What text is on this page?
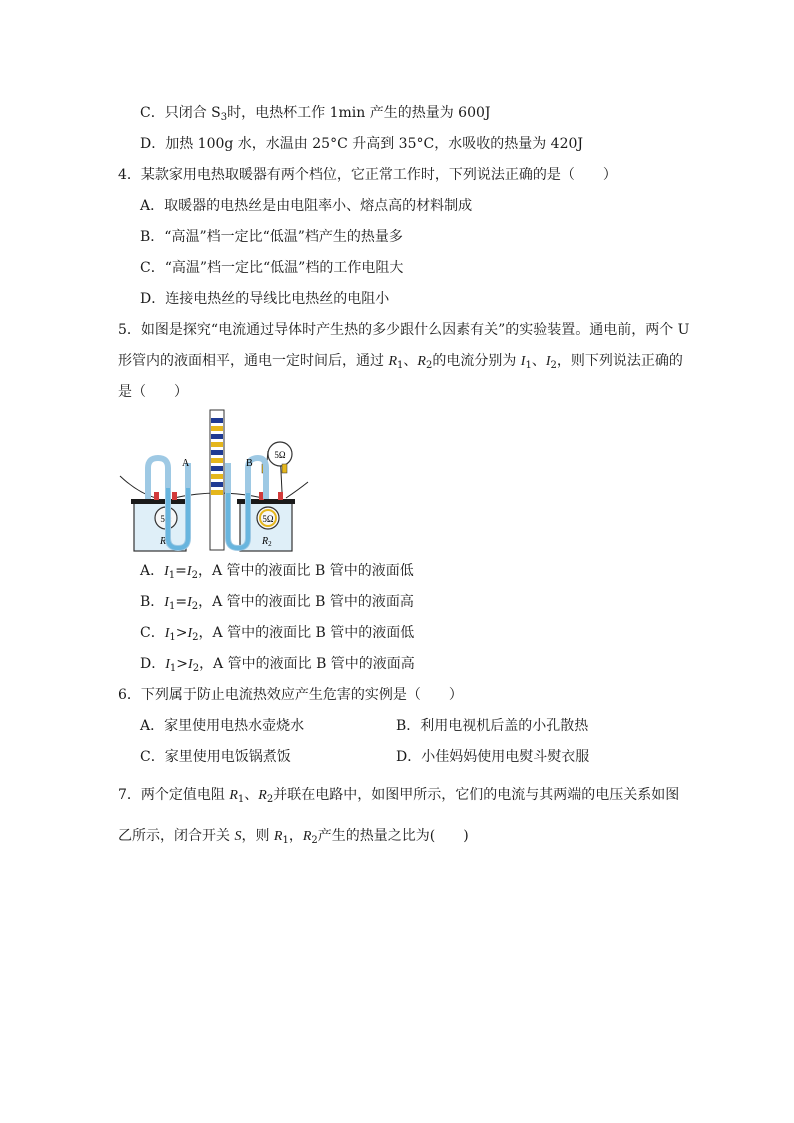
C．只闭合 $S_3$时，电热杯工作 1min 产生的热量为 600J
D．加热 100g 水，水温由 25°C 升高到 35°C，水吸收的热量为 420J
4．某款家用电热取暖器有两个档位，它正常工作时，下列说法正确的是（　　）
A．取暖器的电热丝是由电阻率小、熔点高的材料制成
B．“高温”档一定比“低温”档产生的热量多
C．“高温”档一定比“低温”档的工作电阻大
D．连接电热丝的导线比电热丝的电阻小
5．如图是探究“电流通过导体时产生热的多少跟什么因素有关”的实验装置。通电前，两个 U
形管内的液面相平，通电一定时间后，通过 $R_1$、$R_2$的电流分别为 $I_1$、$I_2$，则下列说法正确的
是（　　）
5Ω
$R_1$
5Ω
$R_2$
5Ω
A	B
A．$I_1=I_2$，A 管中的液面比 B 管中的液面低
B．$I_1=I_2$，A 管中的液面比 B 管中的液面高
C．$I_1>I_2$，A 管中的液面比 B 管中的液面低
D．$I_1>I_2$，A 管中的液面比 B 管中的液面高
6．下列属于防止电流热效应产生危害的实例是（　　）
A．家里使用电热水壶烧水	B．利用电视机后盖的小孔散热
C．家里使用电饭锅煮饭	D．小佳妈妈使用电熨斗熨衣服
7．两个定值电阻 $R_1$、$R_2$并联在电路中，如图甲所示，它们的电流与其两端的电压关系如图
乙所示，闭合开关 S，则 $R_1$，$R_2$产生的热量之比为(　　)
